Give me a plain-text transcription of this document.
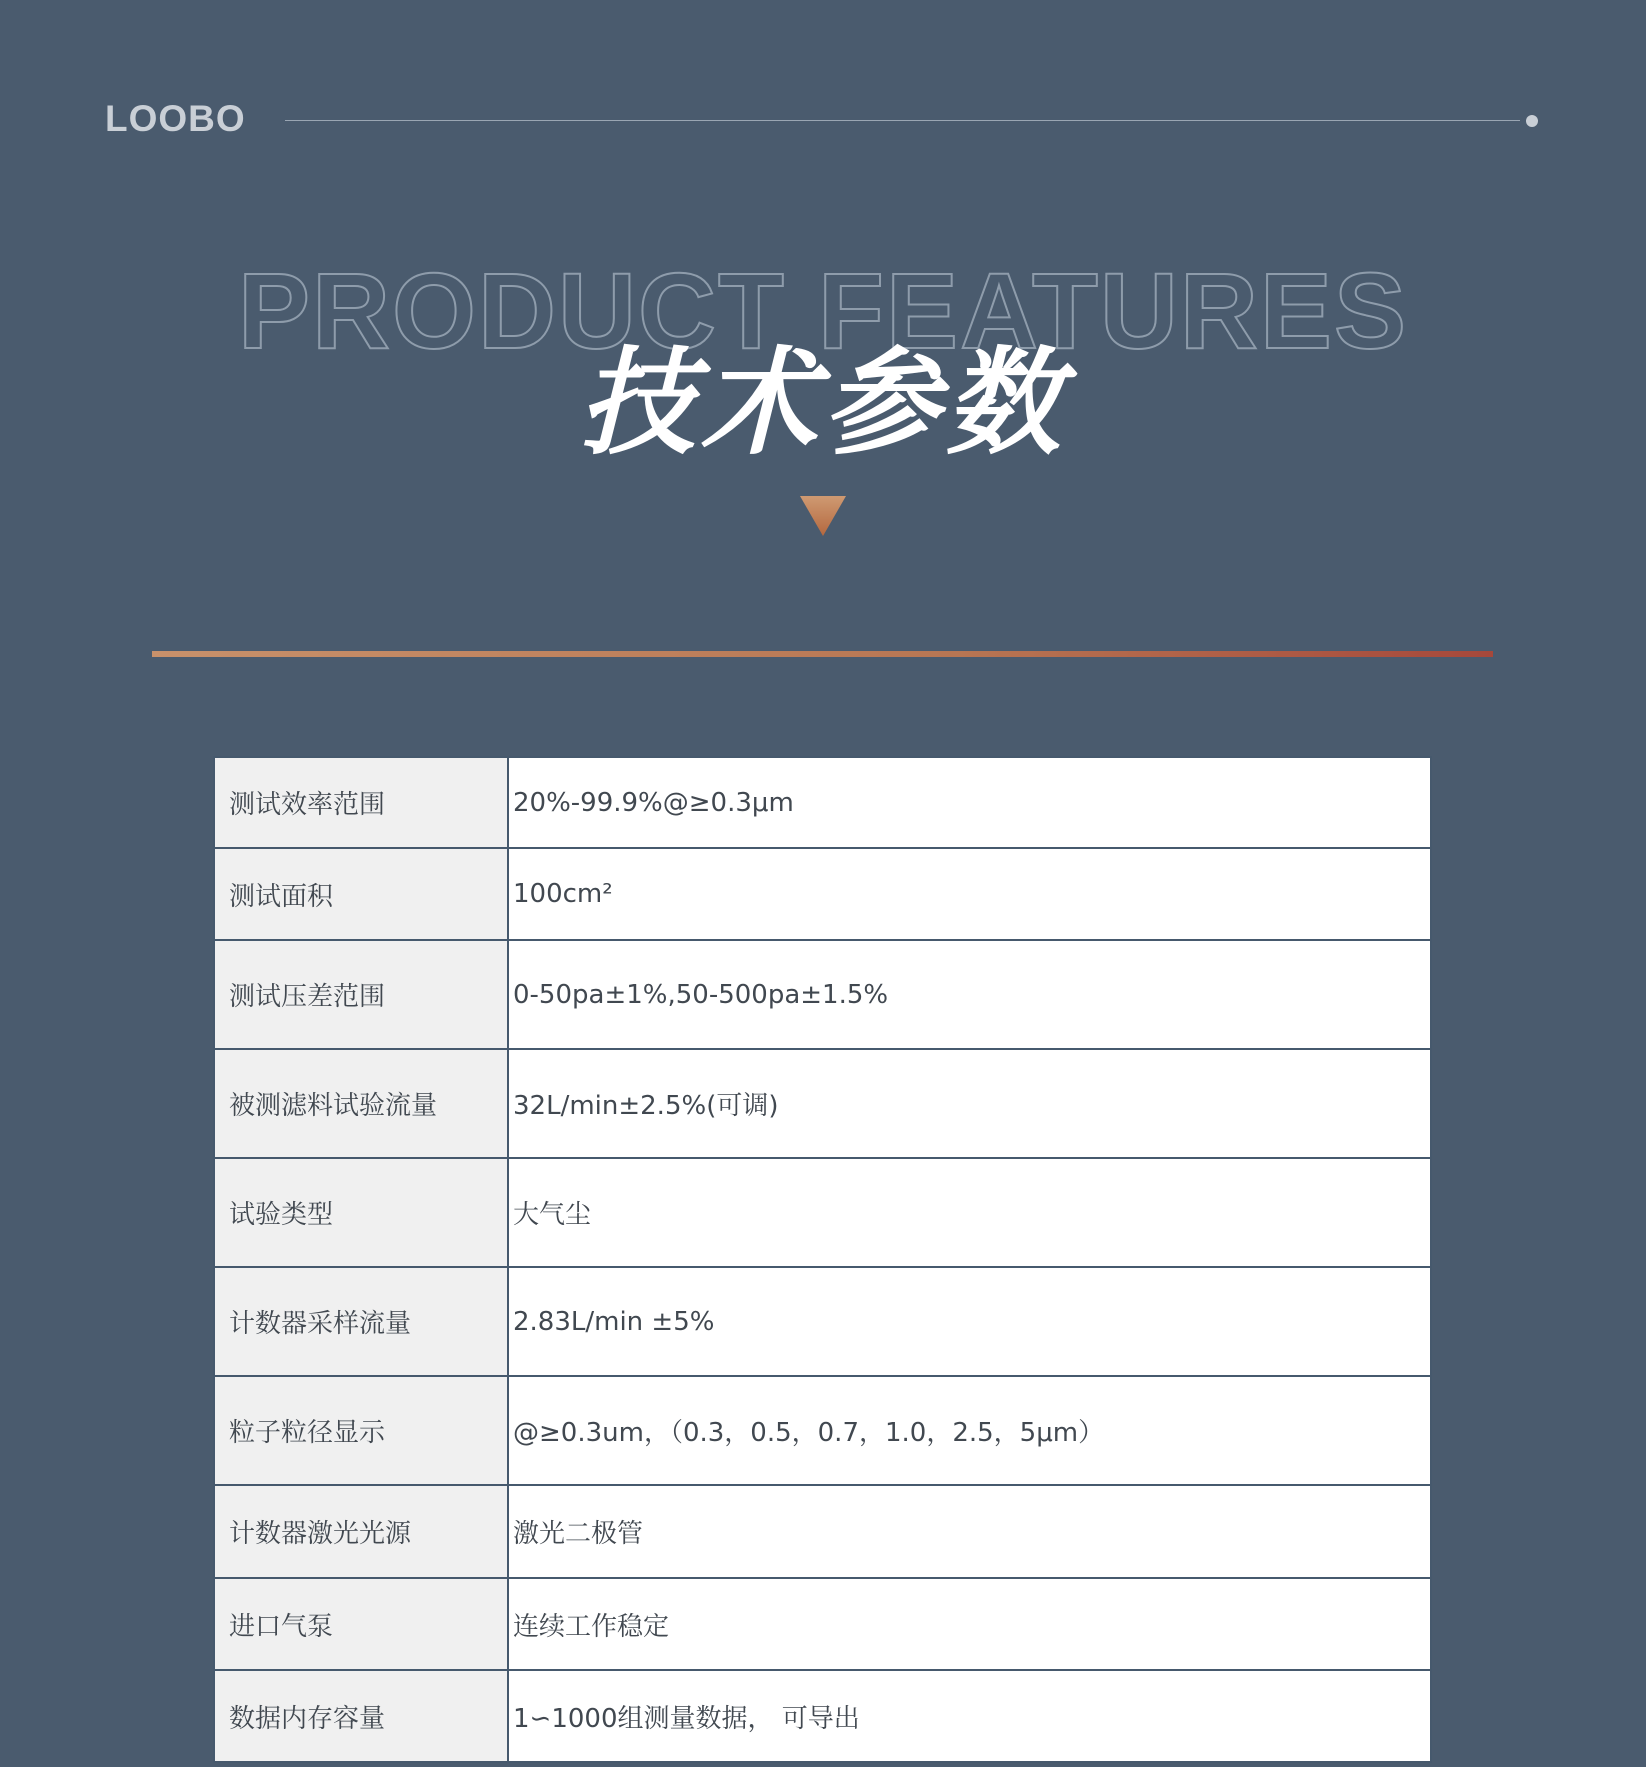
LOOBO
PRODUCT FEATURES
技术参数
测试效率范围	20%-99.9%@≥0.3μm
测试面积	100cm²
测试压差范围	0-50pa±1%,50-500pa±1.5%
被测滤料试验流量	32L/min±2.5%(可调)
试验类型	大气尘
计数器采样流量	2.83L/min ±5%
粒子粒径显示	@≥0.3um，（0.3，0.5，0.7，1.0，2.5，5μm）
计数器激光光源	激光二极管
进口气泵	连续工作稳定
数据内存容量	1∽1000组测量数据， 可导出
